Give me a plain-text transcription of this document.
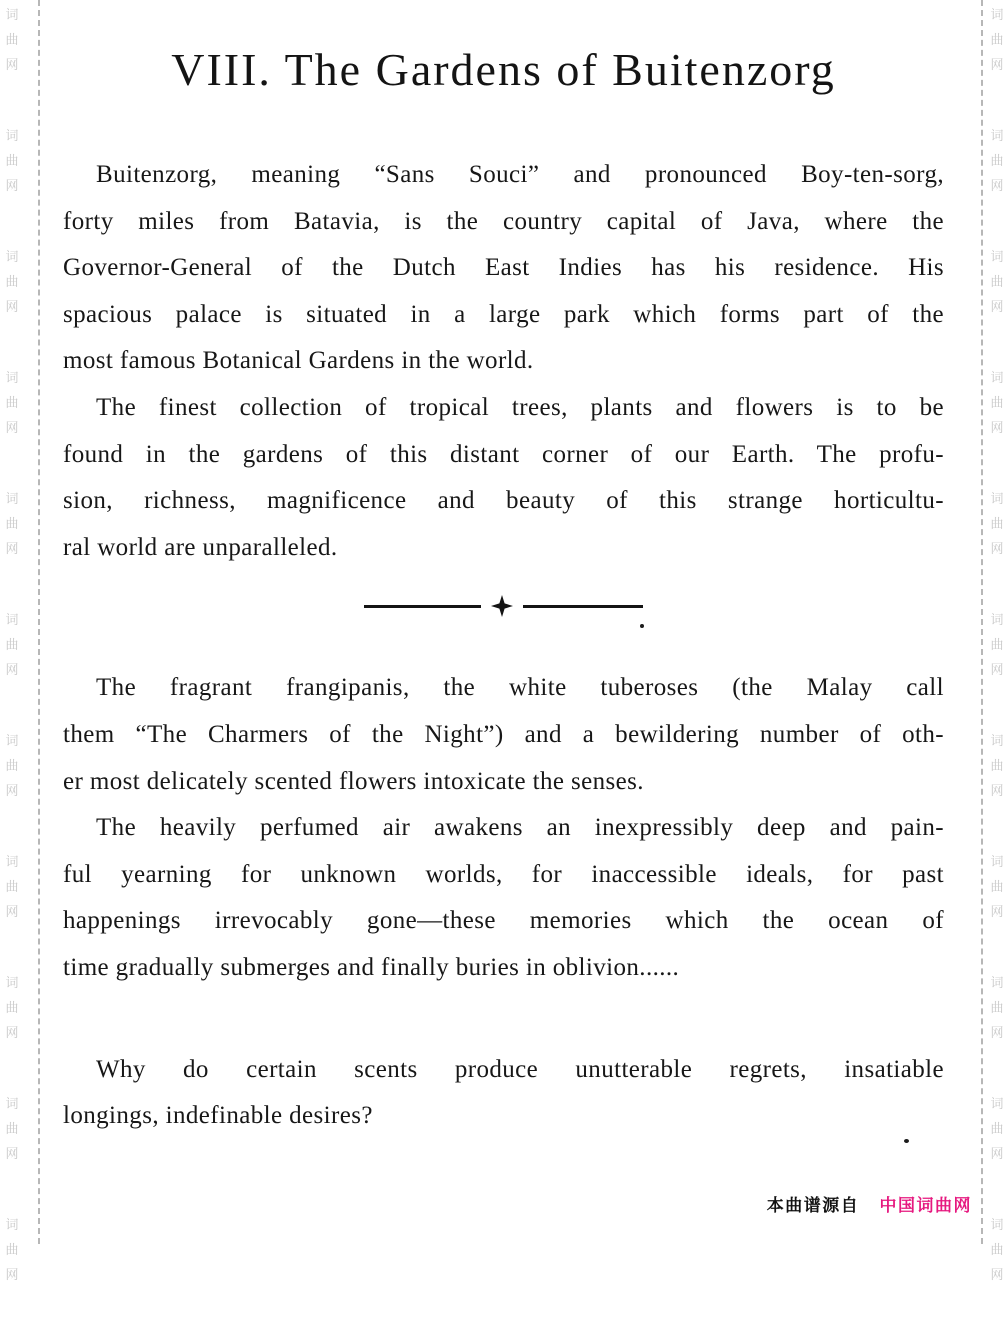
词
曲
网
词
曲
网
词
曲
网
词
曲
网
词
曲
网
词
曲
网
词
曲
网
词
曲
网
词
曲
网
词
曲
网
词
曲
网
词
曲
网
词
曲
网
词
曲
网
词
曲
网
词
曲
网
词
曲
网
词
曲
网
词
曲
网
词
曲
网
词
曲
网
词
曲
网
VIII. The Gardens of Buitenzorg
Buitenzorg, meaning “Sans Souci” and pronounced Boy-ten-sorg,
forty miles from Batavia, is the country capital of Java, where the
Governor-General of the Dutch East Indies has his residence. His
spacious palace is situated in a large park which forms part of the
most famous Botanical Gardens in the world.
The finest collection of tropical trees, plants and flowers is to be
found in the gardens of this distant corner of our Earth. The profu-
sion, richness, magnificence and beauty of this strange horticultu-
ral world are unparalleled.
The fragrant frangipanis, the white tuberoses (the Malay call
them “The Charmers of the Night”) and a bewildering number of oth-
er most delicately scented flowers intoxicate the senses.
The heavily perfumed air awakens an inexpressibly deep and pain-
ful yearning for unknown worlds, for inaccessible ideals, for past
happenings irrevocably gone—these memories which the ocean of
time gradually submerges and finally buries in oblivion......
Why do certain scents produce unutterable regrets, insatiable
longings, indefinable desires?
本曲谱源自 中国词曲网
